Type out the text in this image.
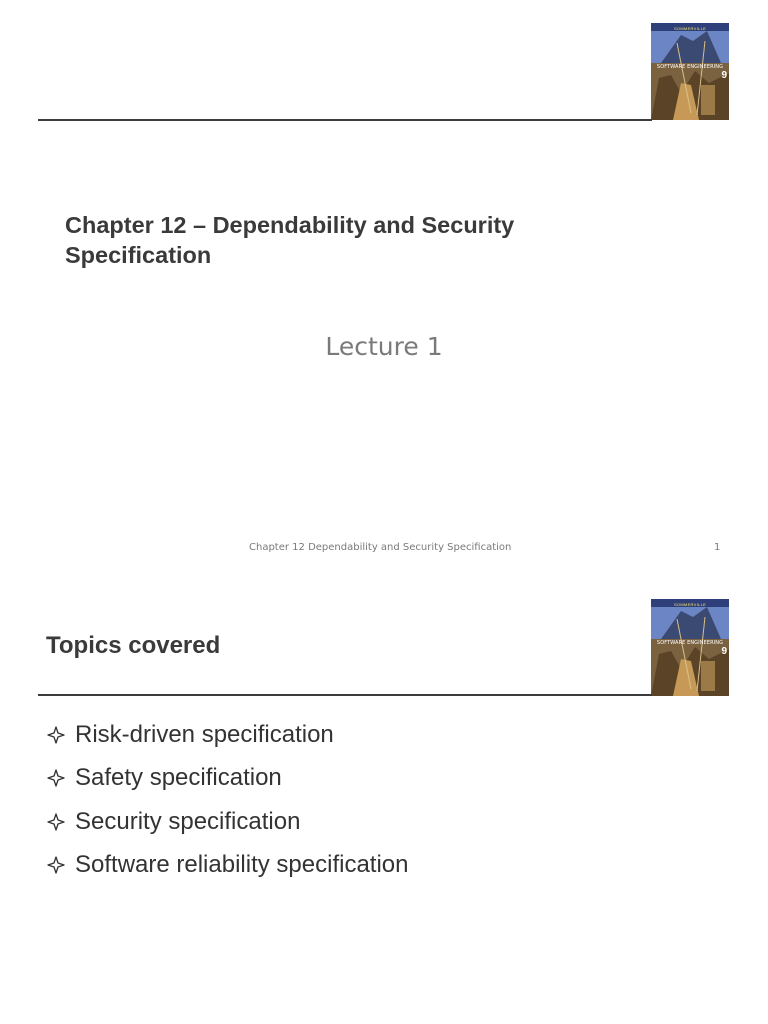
SOMMERVILLE
SOFTWARE ENGINEERING
9
Chapter 12 – Dependability and Security Specification
Lecture 1
Chapter 12 Dependability and Security Specification	1
SOMMERVILLE
SOFTWARE ENGINEERING
9
Topics covered
Risk-driven specification
Safety specification
Security specification
Software reliability specification
